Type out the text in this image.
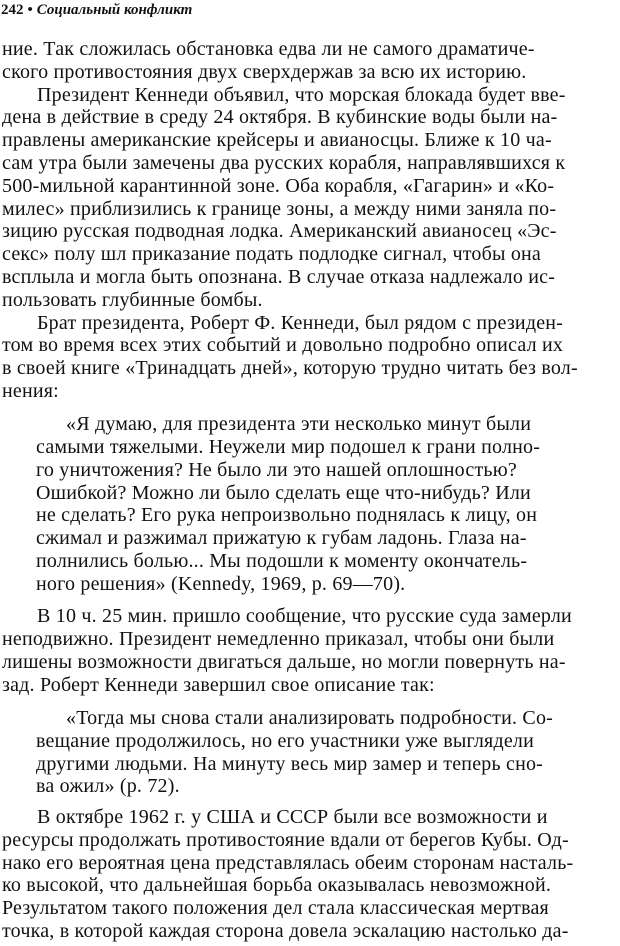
242 • Социальный конфликт
ние. Так сложилась обстановка едва ли не самого драматиче-
ского противостояния двух сверхдержав за всю их историю.
Президент Кеннеди объявил, что морская блокада будет вве-
дена в действие в среду 24 октября. В кубинские воды были на-
правлены американские крейсеры и авианосцы. Ближе к 10 ча-
сам утра были замечены два русских корабля, направлявшихся к
500-мильной карантинной зоне. Оба корабля, «Гагарин» и «Ко-
милес» приблизились к границе зоны, а между ними заняла по-
зицию русская подводная лодка. Американский авианосец «Эс-
секс» полу шл приказание подать подлодке сигнал, чтобы она
всплыла и могла быть опознана. В случае отказа надлежало ис-
пользовать глубинные бомбы.
Брат президента, Роберт Ф. Кеннеди, был рядом с президен-
том во время всех этих событий и довольно подробно описал их
в своей книге «Тринадцать дней», которую трудно читать без вол-
нения:
«Я думаю, для президента эти несколько минут были
самыми тяжелыми. Неужели мир подошел к грани полно-
го уничтожения? Не было ли это нашей оплошностью?
Ошибкой? Можно ли было сделать еще что-нибудь? Или
не сделать? Его рука непроизвольно поднялась к лицу, он
сжимал и разжимал прижатую к губам ладонь. Глаза на-
полнились болью... Мы подошли к моменту окончатель-
ного решения» (Kennedy, 1969, p. 69—70).
В 10 ч. 25 мин. пришло сообщение, что русские суда замерли
неподвижно. Президент немедленно приказал, чтобы они были
лишены возможности двигаться дальше, но могли повернуть на-
зад. Роберт Кеннеди завершил свое описание так:
«Тогда мы снова стали анализировать подробности. Со-
вещание продолжилось, но его участники уже выглядели
другими людьми. На минуту весь мир замер и теперь сно-
ва ожил» (р. 72).
В октябре 1962 г. у США и СССР были все возможности и
ресурсы продолжать противостояние вдали от берегов Кубы. Од-
нако его вероятная цена представлялась обеим сторонам насталь-
ко высокой, что дальнейшая борьба оказывалась невозможной.
Результатом такого положения дел стала классическая мертвая
точка, в которой каждая сторона довела эскалацию настолько да-
